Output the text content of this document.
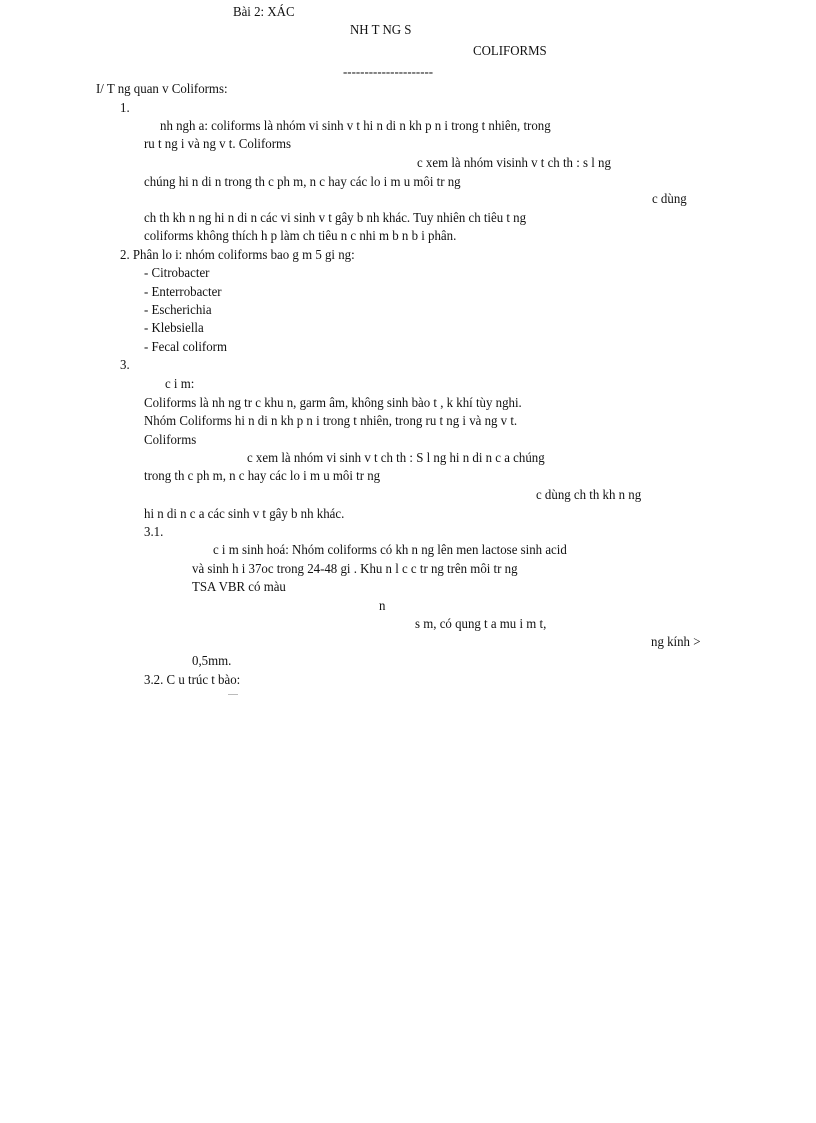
Bài 2: XÁC
NH T NG S
COLIFORMS
---------------------
I/ T ng quan v Coliforms:
1.
nh ngh a: coliforms là nhóm vi sinh v t hi n di n kh p n i trong t nhiên, trong
ru t ng i và ng v t. Coliforms
c xem là nhóm visinh v t ch th : s l ng
chúng hi n di n trong th c ph m, n c hay các lo i m u môi tr ng
c dùng
ch th kh n ng hi n di n các vi sinh v t gây b nh khác. Tuy nhiên ch tiêu t ng
coliforms không thích h p làm ch tiêu n c nhi m b n b i phân.
2. Phân lo i: nhóm coliforms bao g m 5 gi ng:
- Citrobacter
- Enterrobacter
- Escherichia
- Klebsiella
- Fecal coliform
3.
c i m:
Coliforms là nh ng tr c khu n, garm âm, không sinh bào t , k khí tùy nghi.
Nhóm Coliforms hi n di n kh p n i trong t nhiên, trong ru t ng i và ng v t.
Coliforms
c xem là nhóm vi sinh v t ch th : S l ng hi n di n c a chúng
trong th c ph m, n c hay các lo i m u môi tr ng
c dùng ch th kh n ng
hi n di n c a các sinh v t gây b nh khác.
3.1.
c i m sinh hoá: Nhóm coliforms có kh n ng lên men lactose sinh acid
và sinh h i 37oc trong 24-48 gi . Khu n l c c tr ng trên môi tr ng
TSA VBR có màu
n
s m, có qung t a mu i m t,
ng kính >
0,5mm.
3.2. C u trúc t bào:
